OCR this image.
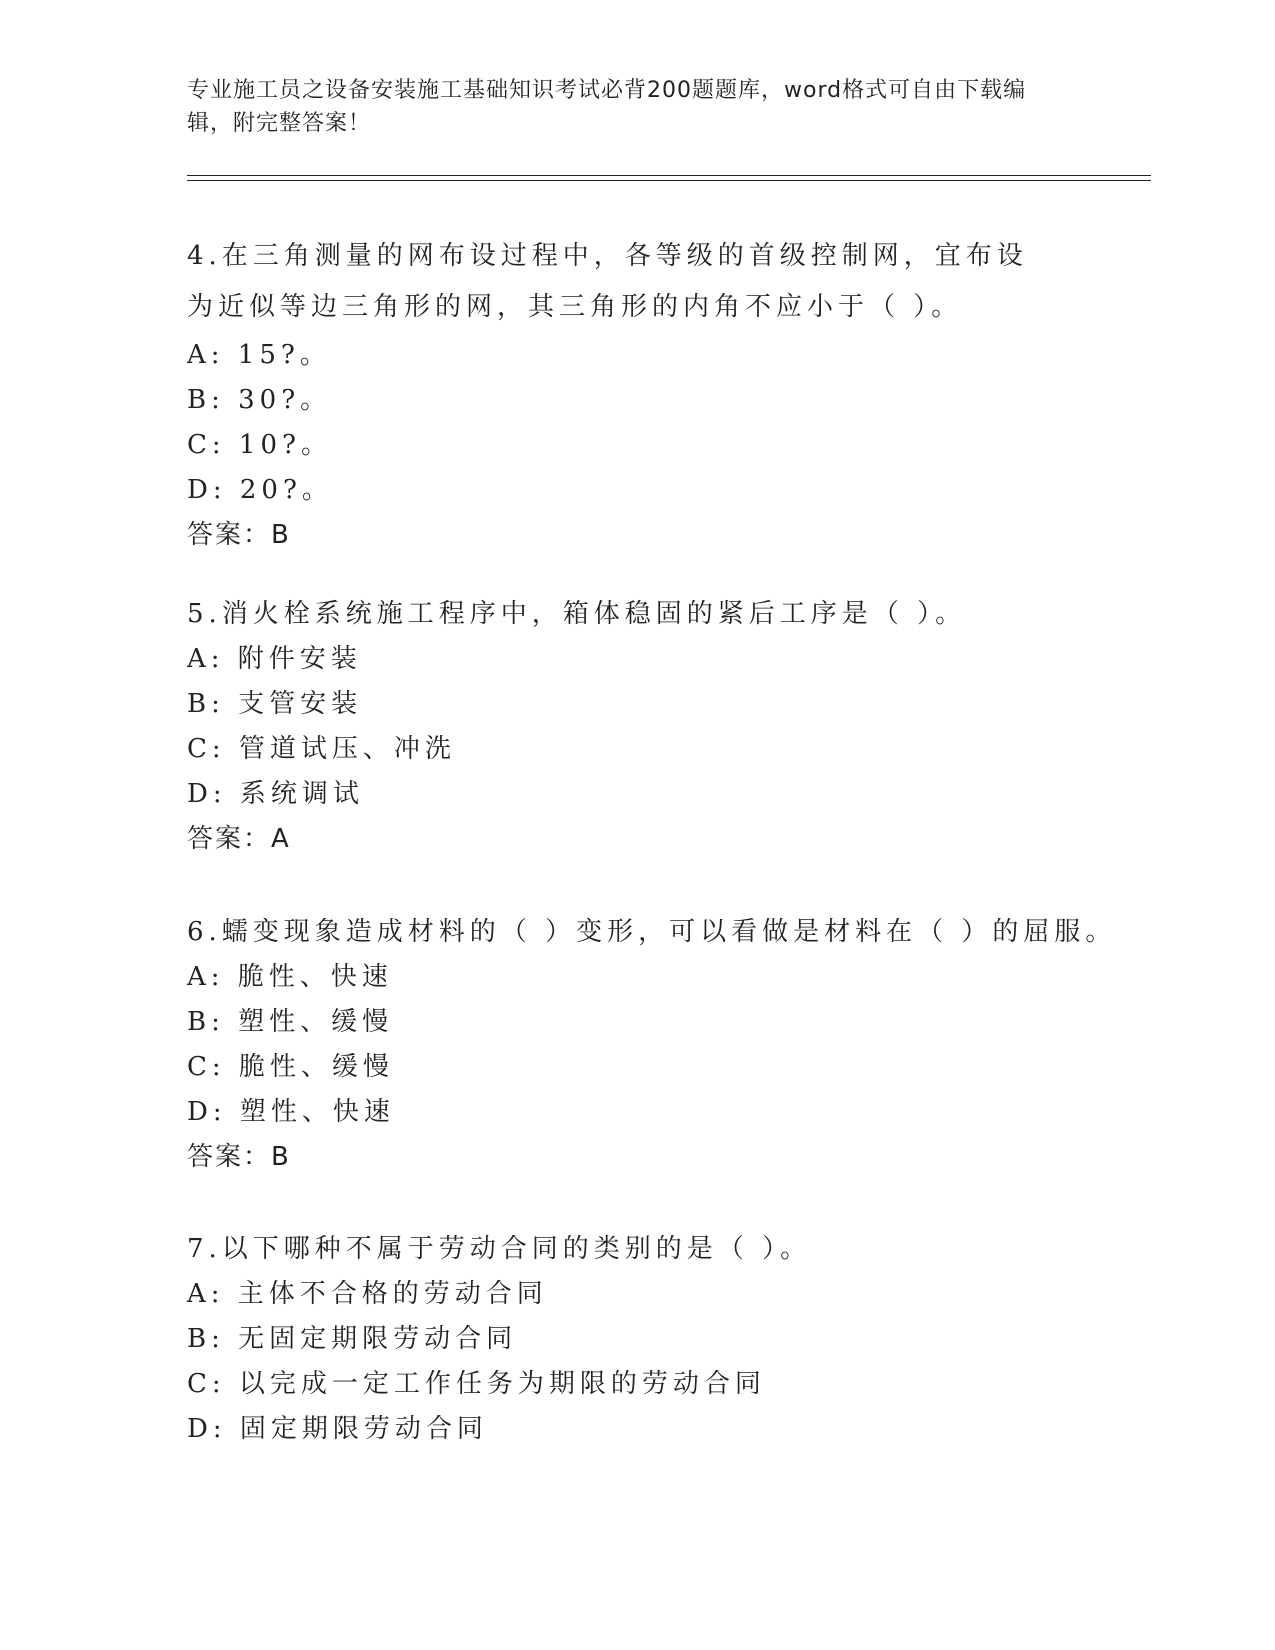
专业施工员之设备安装施工基础知识考试必背200题题库，word格式可自由下载编辑，附完整答案！

4.在三角测量的网布设过程中，各等级的首级控制网，宜布设为近似等边三角形的网，其三角形的内角不应小于（ ）。

A: 15?。

B: 30?。

C: 10?。

D: 20?。

答案：B

5.消火栓系统施工程序中，箱体稳固的紧后工序是（ ）。

A: 附件安装

B: 支管安装

C: 管道试压、冲洗

D: 系统调试

答案：A

6.蠕变现象造成材料的（ ）变形，可以看做是材料在（ ）的屈服。

A: 脆性、快速

B: 塑性、缓慢

C: 脆性、缓慢

D: 塑性、快速

答案：B

7.以下哪种不属于劳动合同的类别的是（ ）。

A: 主体不合格的劳动合同

B: 无固定期限劳动合同

C: 以完成一定工作任务为期限的劳动合同

D: 固定期限劳动合同
